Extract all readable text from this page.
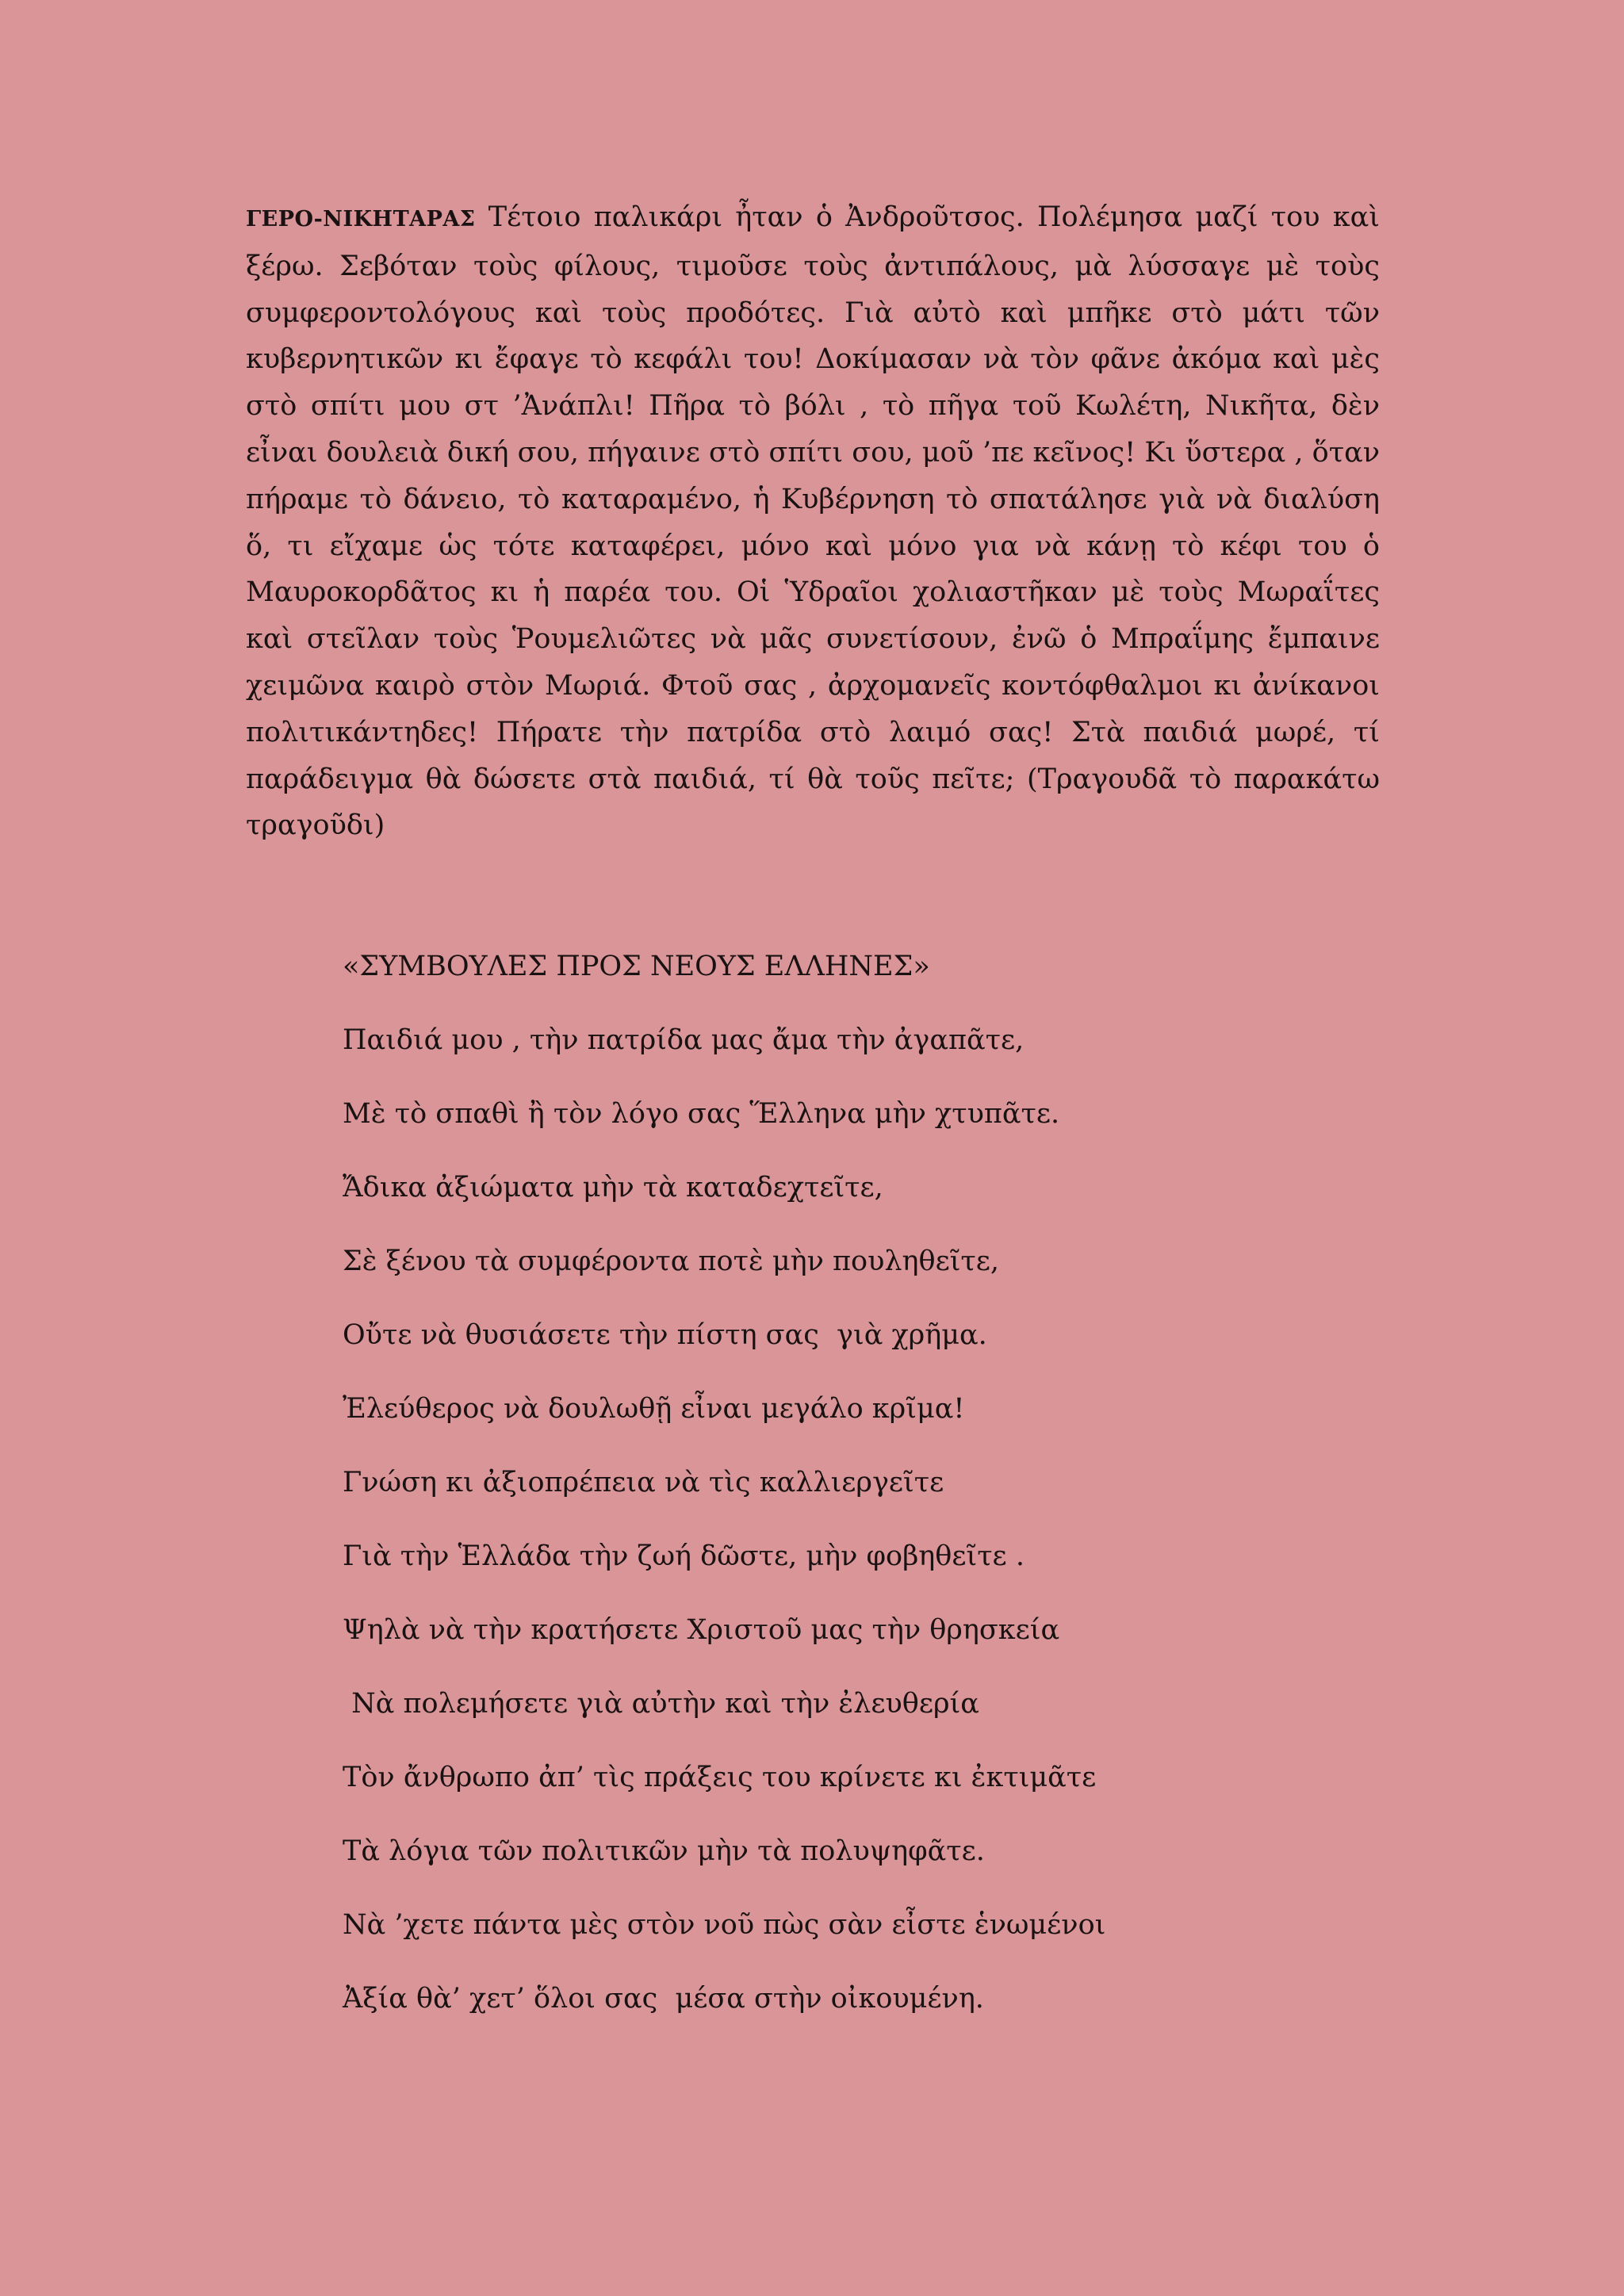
ΓΕΡΟ-ΝΙΚΗΤΑΡΑΣ Τέτοιο παλικάρι ἦταν ὁ Ἀνδροῦτσος. Πολέμησα μαζί του καὶ ξέρω. Σεβόταν τοὺς φίλους, τιμοῦσε τοὺς ἀντιπάλους, μὰ λύσσαγε μὲ τοὺς συμφεροντολόγους καὶ τοὺς προδότες. Γιὰ αὐτὸ καὶ μπῆκε στὸ μάτι τῶν κυβερνητικῶν κι ἔφαγε τὸ κεφάλι του! Δοκίμασαν νὰ τὸν φᾶνε ἀκόμα καὶ μὲς στὸ σπίτι μου στ ’Ἀνάπλι! Πῆρα τὸ βόλι , τὸ πῆγα τοῦ Κωλέτη, Νικῆτα, δὲν εἶναι δουλειὰ δική σου, πήγαινε στὸ σπίτι σου, μοῦ ’πε κεῖνος! Κι ὕστερα , ὅταν πήραμε τὸ δάνειο, τὸ καταραμένο, ἡ Κυβέρνηση τὸ σπατάλησε γιὰ νὰ διαλύση ὅ, τι εἴχαμε ὡς τότε καταφέρει, μόνο καὶ μόνο για νὰ κάνῃ τὸ κέφι του ὁ Μαυροκορδᾶτος κι ἡ παρέα του. Οἱ Ὑδραῖοι χολιαστῆκαν μὲ τοὺς Μωραΐτες καὶ στεῖλαν τοὺς Ῥουμελιῶτες νὰ μᾶς συνετίσουν, ἐνῶ ὁ Μπραΐμης ἔμπαινε χειμῶνα καιρὸ στὸν Μωριά. Φτοῦ σας , ἀρχομανεῖς κοντόφθαλμοι κι ἀνίκανοι πολιτικάντηδες! Πήρατε τὴν πατρίδα στὸ λαιμό σας! Στὰ παιδιά μωρέ, τί παράδειγμα θὰ δώσετε στὰ παιδιά, τί θὰ τοῦς πεῖτε; (Τραγουδᾶ τὸ παρακάτω τραγοῦδι)

«ΣΥΜΒΟΥΛΕΣ ΠΡΟΣ ΝΕΟΥΣ ΕΛΛΗΝΕΣ»

Παιδιά μου , τὴν πατρίδα μας ἄμα τὴν ἀγαπᾶτε,

Μὲ τὸ σπαθὶ ἢ τὸν λόγο σας Ἕλληνα μὴν χτυπᾶτε.

Ἄδικα ἀξιώματα μὴν τὰ καταδεχτεῖτε,

Σὲ ξένου τὰ συμφέροντα ποτὲ μὴν πουληθεῖτε,

Οὔτε νὰ θυσιάσετε τὴν πίστη σας  γιὰ χρῆμα.

Ἐλεύθερος νὰ δουλωθῇ εἶναι μεγάλο κρῖμα!

Γνώση κι ἀξιοπρέπεια νὰ τὶς καλλιεργεῖτε

Γιὰ τὴν Ἑλλάδα τὴν ζωή δῶστε, μὴν φοβηθεῖτε .

Ψηλὰ νὰ τὴν κρατήσετε Χριστοῦ μας τὴν θρησκεία

Νὰ πολεμήσετε γιὰ αὐτὴν καὶ τὴν ἐλευθερία

Τὸν ἄνθρωπο ἀπ’ τὶς πράξεις του κρίνετε κι ἐκτιμᾶτε

Τὰ λόγια τῶν πολιτικῶν μὴν τὰ πολυψηφᾶτε.

Νὰ ’χετε πάντα μὲς στὸν νοῦ πὼς σὰν εἶστε ἑνωμένοι

Ἀξία θὰ’ χετ’ ὅλοι σας  μέσα στὴν οἰκουμένη.
